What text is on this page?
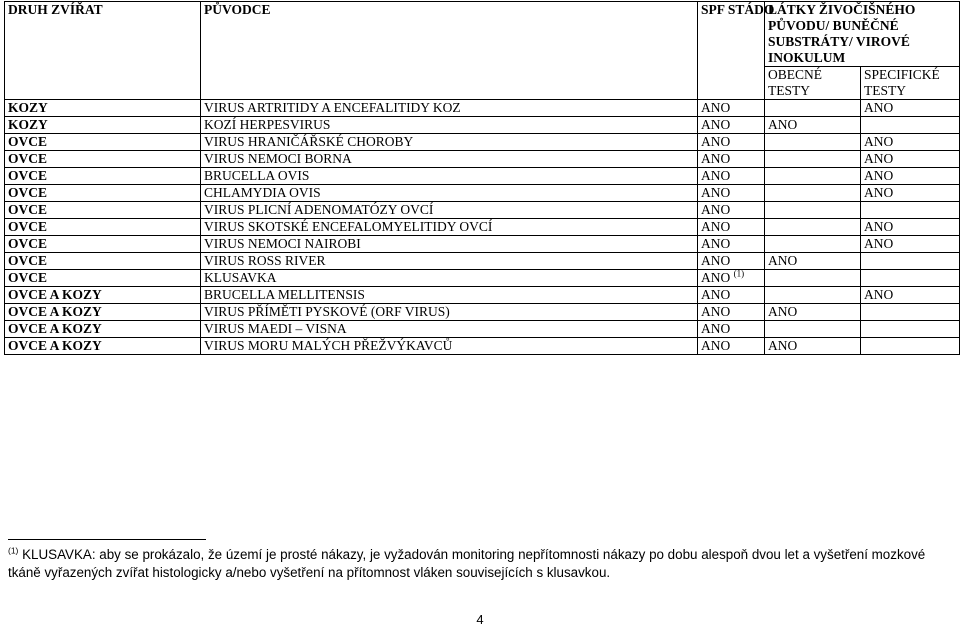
DRUH ZVÍŘAT	PŮVODCE	SPF STÁDO	LÁTKY ŽIVOČIŠNÉHO PŮVODU/ BUNĚČNÉ SUBSTRÁTY/ VIROVÉ INOKULUM	
			OBECNÉ TESTY	SPECIFICKÉ TESTY
KOZY	VIRUS ARTRITIDY A ENCEFALITIDY KOZ	ANO		ANO
KOZY	KOZÍ HERPESVIRUS	ANO	ANO	
OVCE	VIRUS HRANIČÁŘSKÉ CHOROBY	ANO		ANO
OVCE	VIRUS NEMOCI BORNA	ANO		ANO
OVCE	BRUCELLA OVIS	ANO		ANO
OVCE	CHLAMYDIA OVIS	ANO		ANO
OVCE	VIRUS PLICNÍ ADENOMATÓZY OVCÍ	ANO		
OVCE	VIRUS SKOTSKÉ ENCEFALOMYELITIDY OVCÍ	ANO		ANO
OVCE	VIRUS NEMOCI NAIROBI	ANO		ANO
OVCE	VIRUS ROSS RIVER	ANO	ANO	
OVCE	KLUSAVKA	ANO $^{(1)}$		
OVCE A KOZY	BRUCELLA MELLITENSIS	ANO		ANO
OVCE A KOZY	VIRUS PŘÍMĚTI PYSKOVÉ (ORF VIRUS)	ANO	ANO	
OVCE A KOZY	VIRUS MAEDI – VISNA	ANO		
OVCE A KOZY	VIRUS MORU MALÝCH PŘEŽVÝKAVCŮ	ANO	ANO	
$^{(1)}$ KLUSAVKA: aby se prokázalo, že území je prosté nákazy, je vyžadován monitoring nepřítomnosti nákazy po dobu alespoň dvou let a vyšetření mozkové tkáně vyřazených zvířat histologicky a/nebo vyšetření na přítomnost vláken souvisejících s klusavkou.
4
